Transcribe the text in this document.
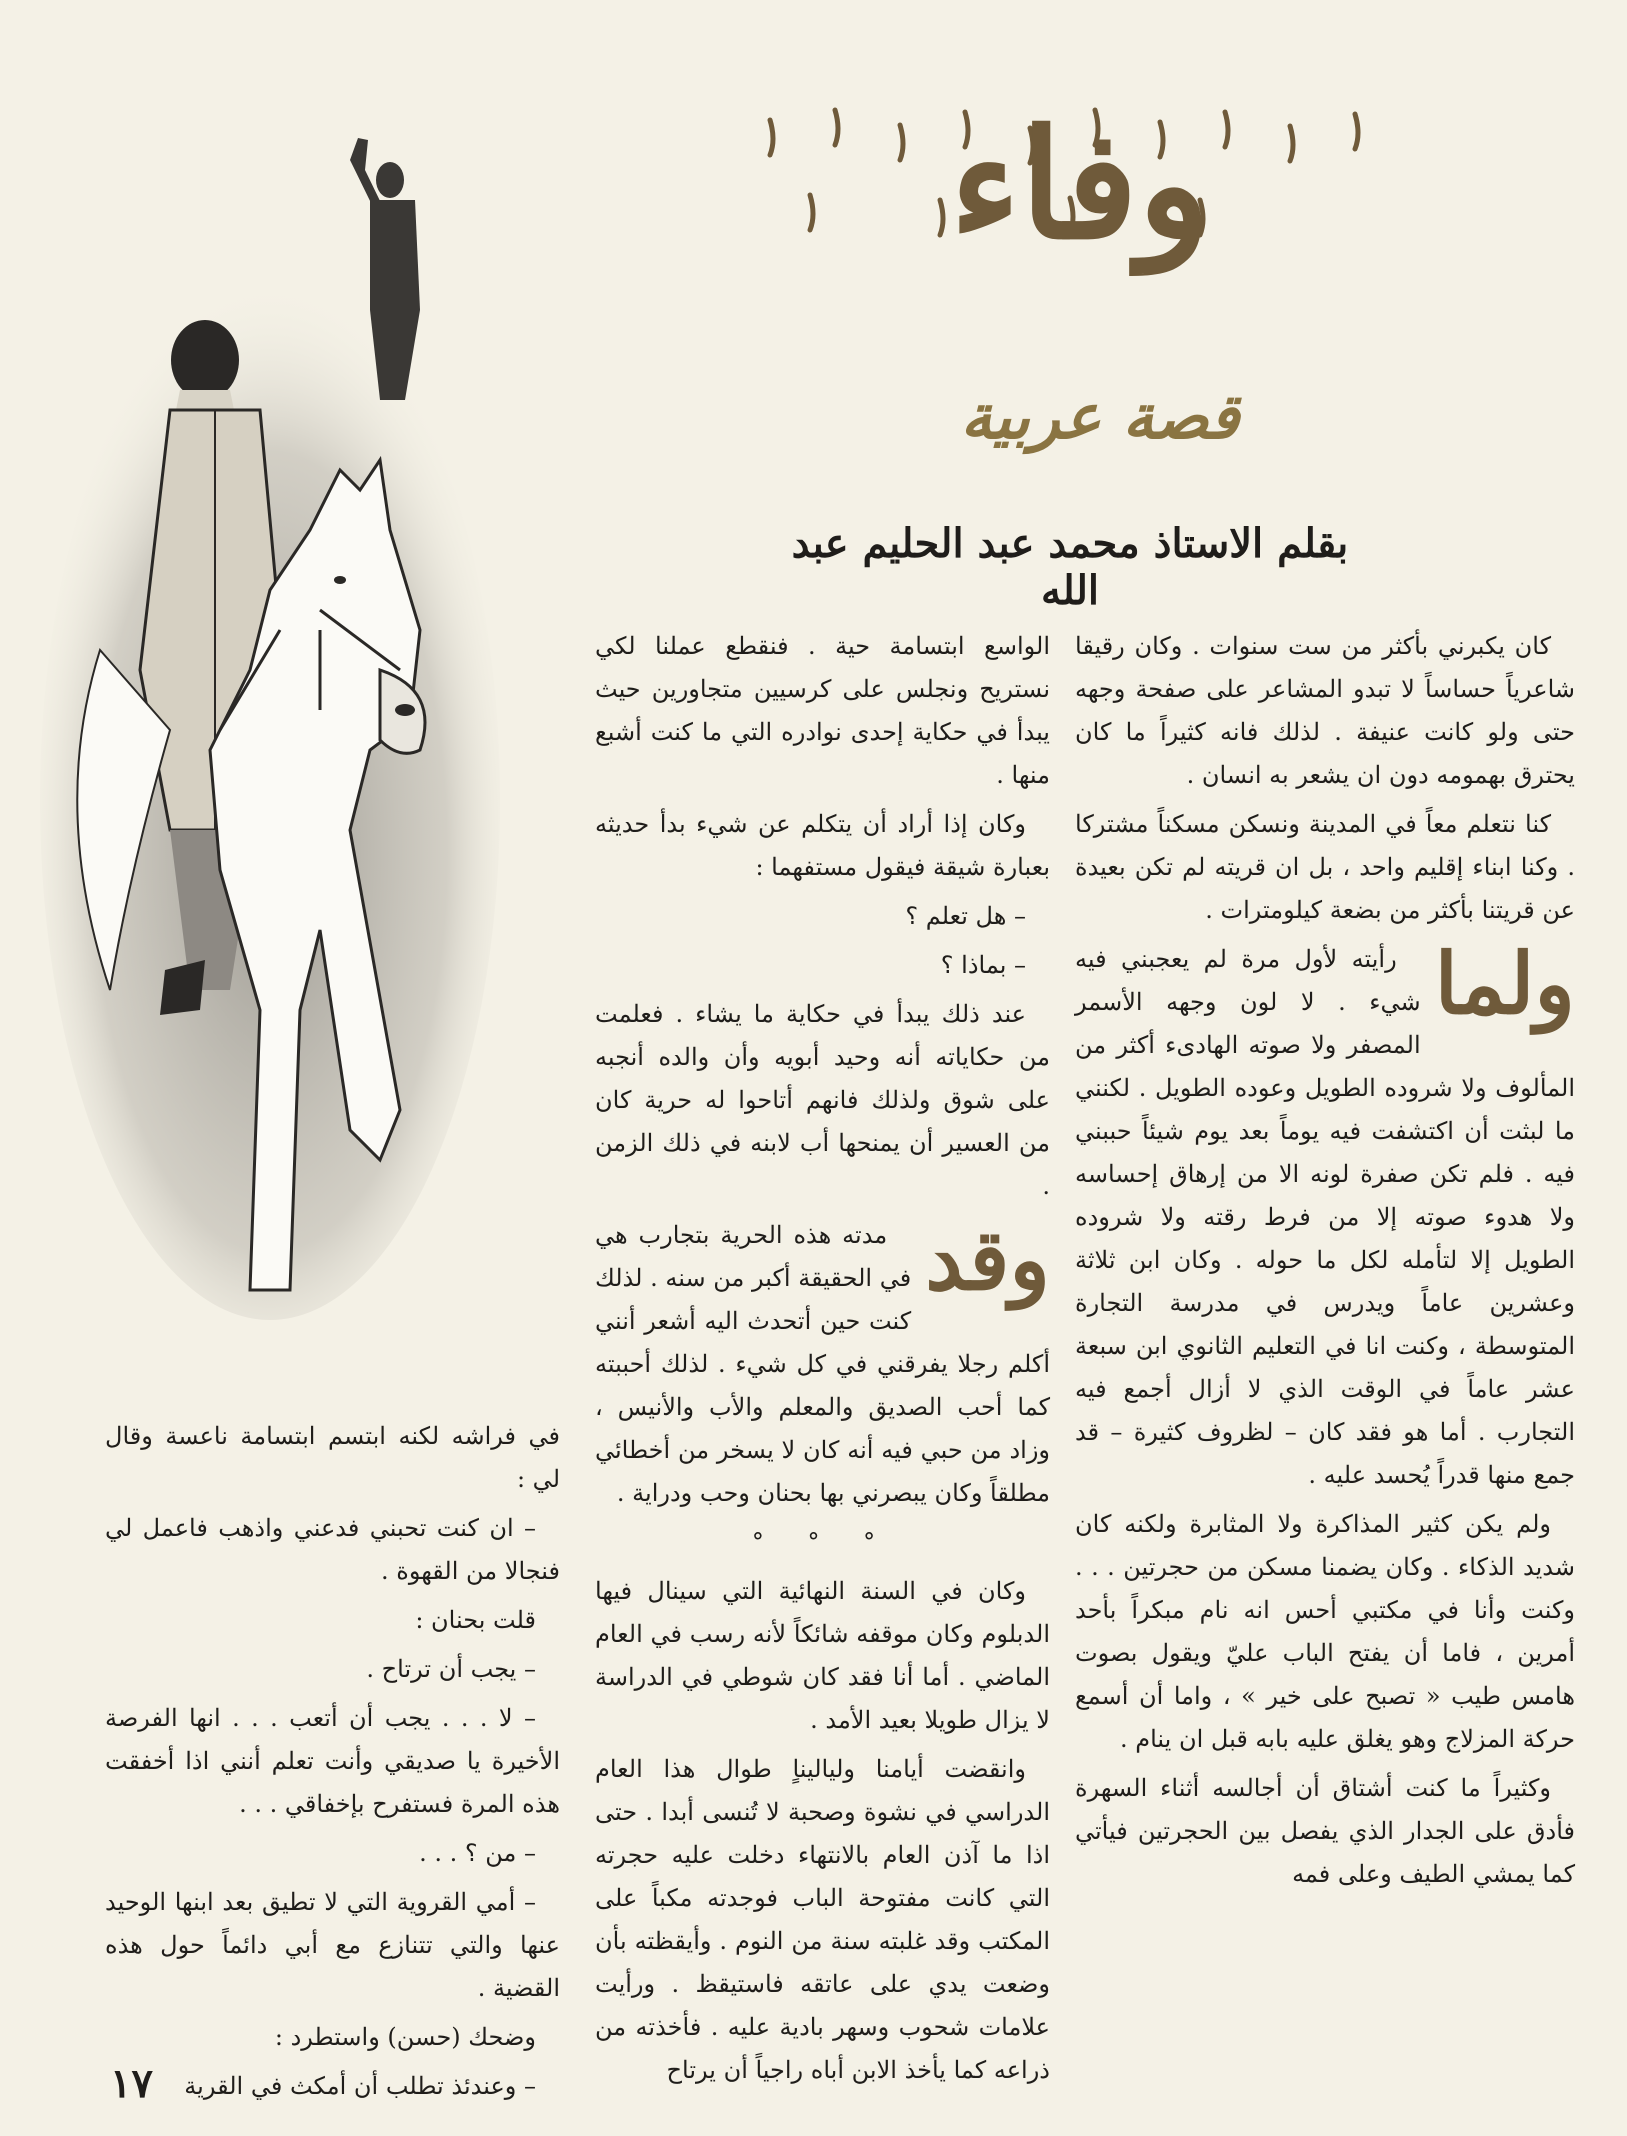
وفاء
قصة عربية
بقلم الاستاذ محمد عبد الحليم عبد الله

كان يكبرني بأكثر من ست سنوات . وكان رقيقا شاعرياً حساساً لا تبدو المشاعر على صفحة وجهه حتى ولو كانت عنيفة . لذلك فانه كثيراً ما كان يحترق بهمومه دون ان يشعر به انسان .

كنا نتعلم معاً في المدينة ونسكن مسكناً مشتركا . وكنا ابناء إقليم واحد ، بل ان قريته لم تكن بعيدة عن قريتنا بأكثر من بضعة كيلومترات .

ولما
رأيته لأول مرة لم يعجبني فيه شيء . لا لون وجهه الأسمر المصفر ولا صوته الهادىء أكثر من المألوف ولا شروده الطويل وعوده الطويل . لكنني ما لبثت أن اكتشفت فيه يوماً بعد يوم شيئاً حببني فيه . فلم تكن صفرة لونه الا من إرهاق إحساسه ولا هدوء صوته إلا من فرط رقته ولا شروده الطويل إلا لتأمله لكل ما حوله . وكان ابن ثلاثة وعشرين عاماً ويدرس في مدرسة التجارة المتوسطة ، وكنت انا في التعليم الثانوي ابن سبعة عشر عاماً في الوقت الذي لا أزال أجمع فيه التجارب . أما هو فقد كان – لظروف كثيرة – قد جمع منها قدراً يُحسد عليه .

ولم يكن كثير المذاكرة ولا المثابرة ولكنه كان شديد الذكاء . وكان يضمنا مسكن من حجرتين . . . وكنت وأنا في مكتبي أحس انه نام مبكراً بأحد أمرين ، فاما أن يفتح الباب عليّ ويقول بصوت هامس طيب « تصبح على خير » ، واما أن أسمع حركة المزلاج وهو يغلق عليه بابه قبل ان ينام .

وكثيراً ما كنت أشتاق أن أجالسه أثناء السهرة فأدق على الجدار الذي يفصل بين الحجرتين فيأتي كما يمشي الطيف وعلى فمه

الواسع ابتسامة حية . فنقطع عملنا لكي نستريح ونجلس على كرسيين متجاورين حيث يبدأ في حكاية إحدى نوادره التي ما كنت أشبع منها .

وكان إذا أراد أن يتكلم عن شيء بدأ حديثه بعبارة شيقة فيقول مستفهما :

– هل تعلم ؟

– بماذا ؟

عند ذلك يبدأ في حكاية ما يشاء . فعلمت من حكاياته أنه وحيد أبويه وأن والده أنجبه على شوق ولذلك فانهم أتاحوا له حرية كان من العسير أن يمنحها أب لابنه في ذلك الزمن .

وقد
مدته هذه الحرية بتجارب هي في الحقيقة أكبر من سنه . لذلك كنت حين أتحدث اليه أشعر أنني أكلم رجلا يفرقني في كل شيء . لذلك أحببته كما أحب الصديق والمعلم والأب والأنيس ، وزاد من حبي فيه أنه كان لا يسخر من أخطائي مطلقاً وكان يبصرني بها بحنان وحب ودراية .

° ° °

وكان في السنة النهائية التي سينال فيها الدبلوم وكان موقفه شائكاً لأنه رسب في العام الماضي . أما أنا فقد كان شوطي في الدراسة لا يزال طويلا بعيد الأمد .

وانقضت أيامنا ولياليناٍ طوال هذا العام الدراسي في نشوة وصحبة لا تُنسى أبدا . حتى اذا ما آذن العام بالانتهاء دخلت عليه حجرته التي كانت مفتوحة الباب فوجدته مكباً على المكتب وقد غلبته سنة من النوم . وأيقظته بأن وضعت يدي على عاتقه فاستيقظ . ورأيت علامات شحوب وسهر بادية عليه . فأخذته من ذراعه كما يأخذ الابن أباه راجياً أن يرتاح

في فراشه لكنه ابتسم ابتسامة ناعسة وقال لي :

– ان كنت تحبني فدعني واذهب فاعمل لي فنجالا من القهوة .

قلت بحنان :

– يجب أن ترتاح .

– لا . . . يجب أن أتعب . . . انها الفرصة الأخيرة يا صديقي وأنت تعلم أنني اذا أخفقت هذه المرة فستفرح بإخفاقي . . .

– من ؟ . . .

– أمي القروية التي لا تطيق بعد ابنها الوحيد عنها والتي تتنازع مع أبي دائماً حول هذه القضية .

وضحك (حسن) واستطرد :

– وعندئذ تطلب أن أمكث في القرية

١٧
